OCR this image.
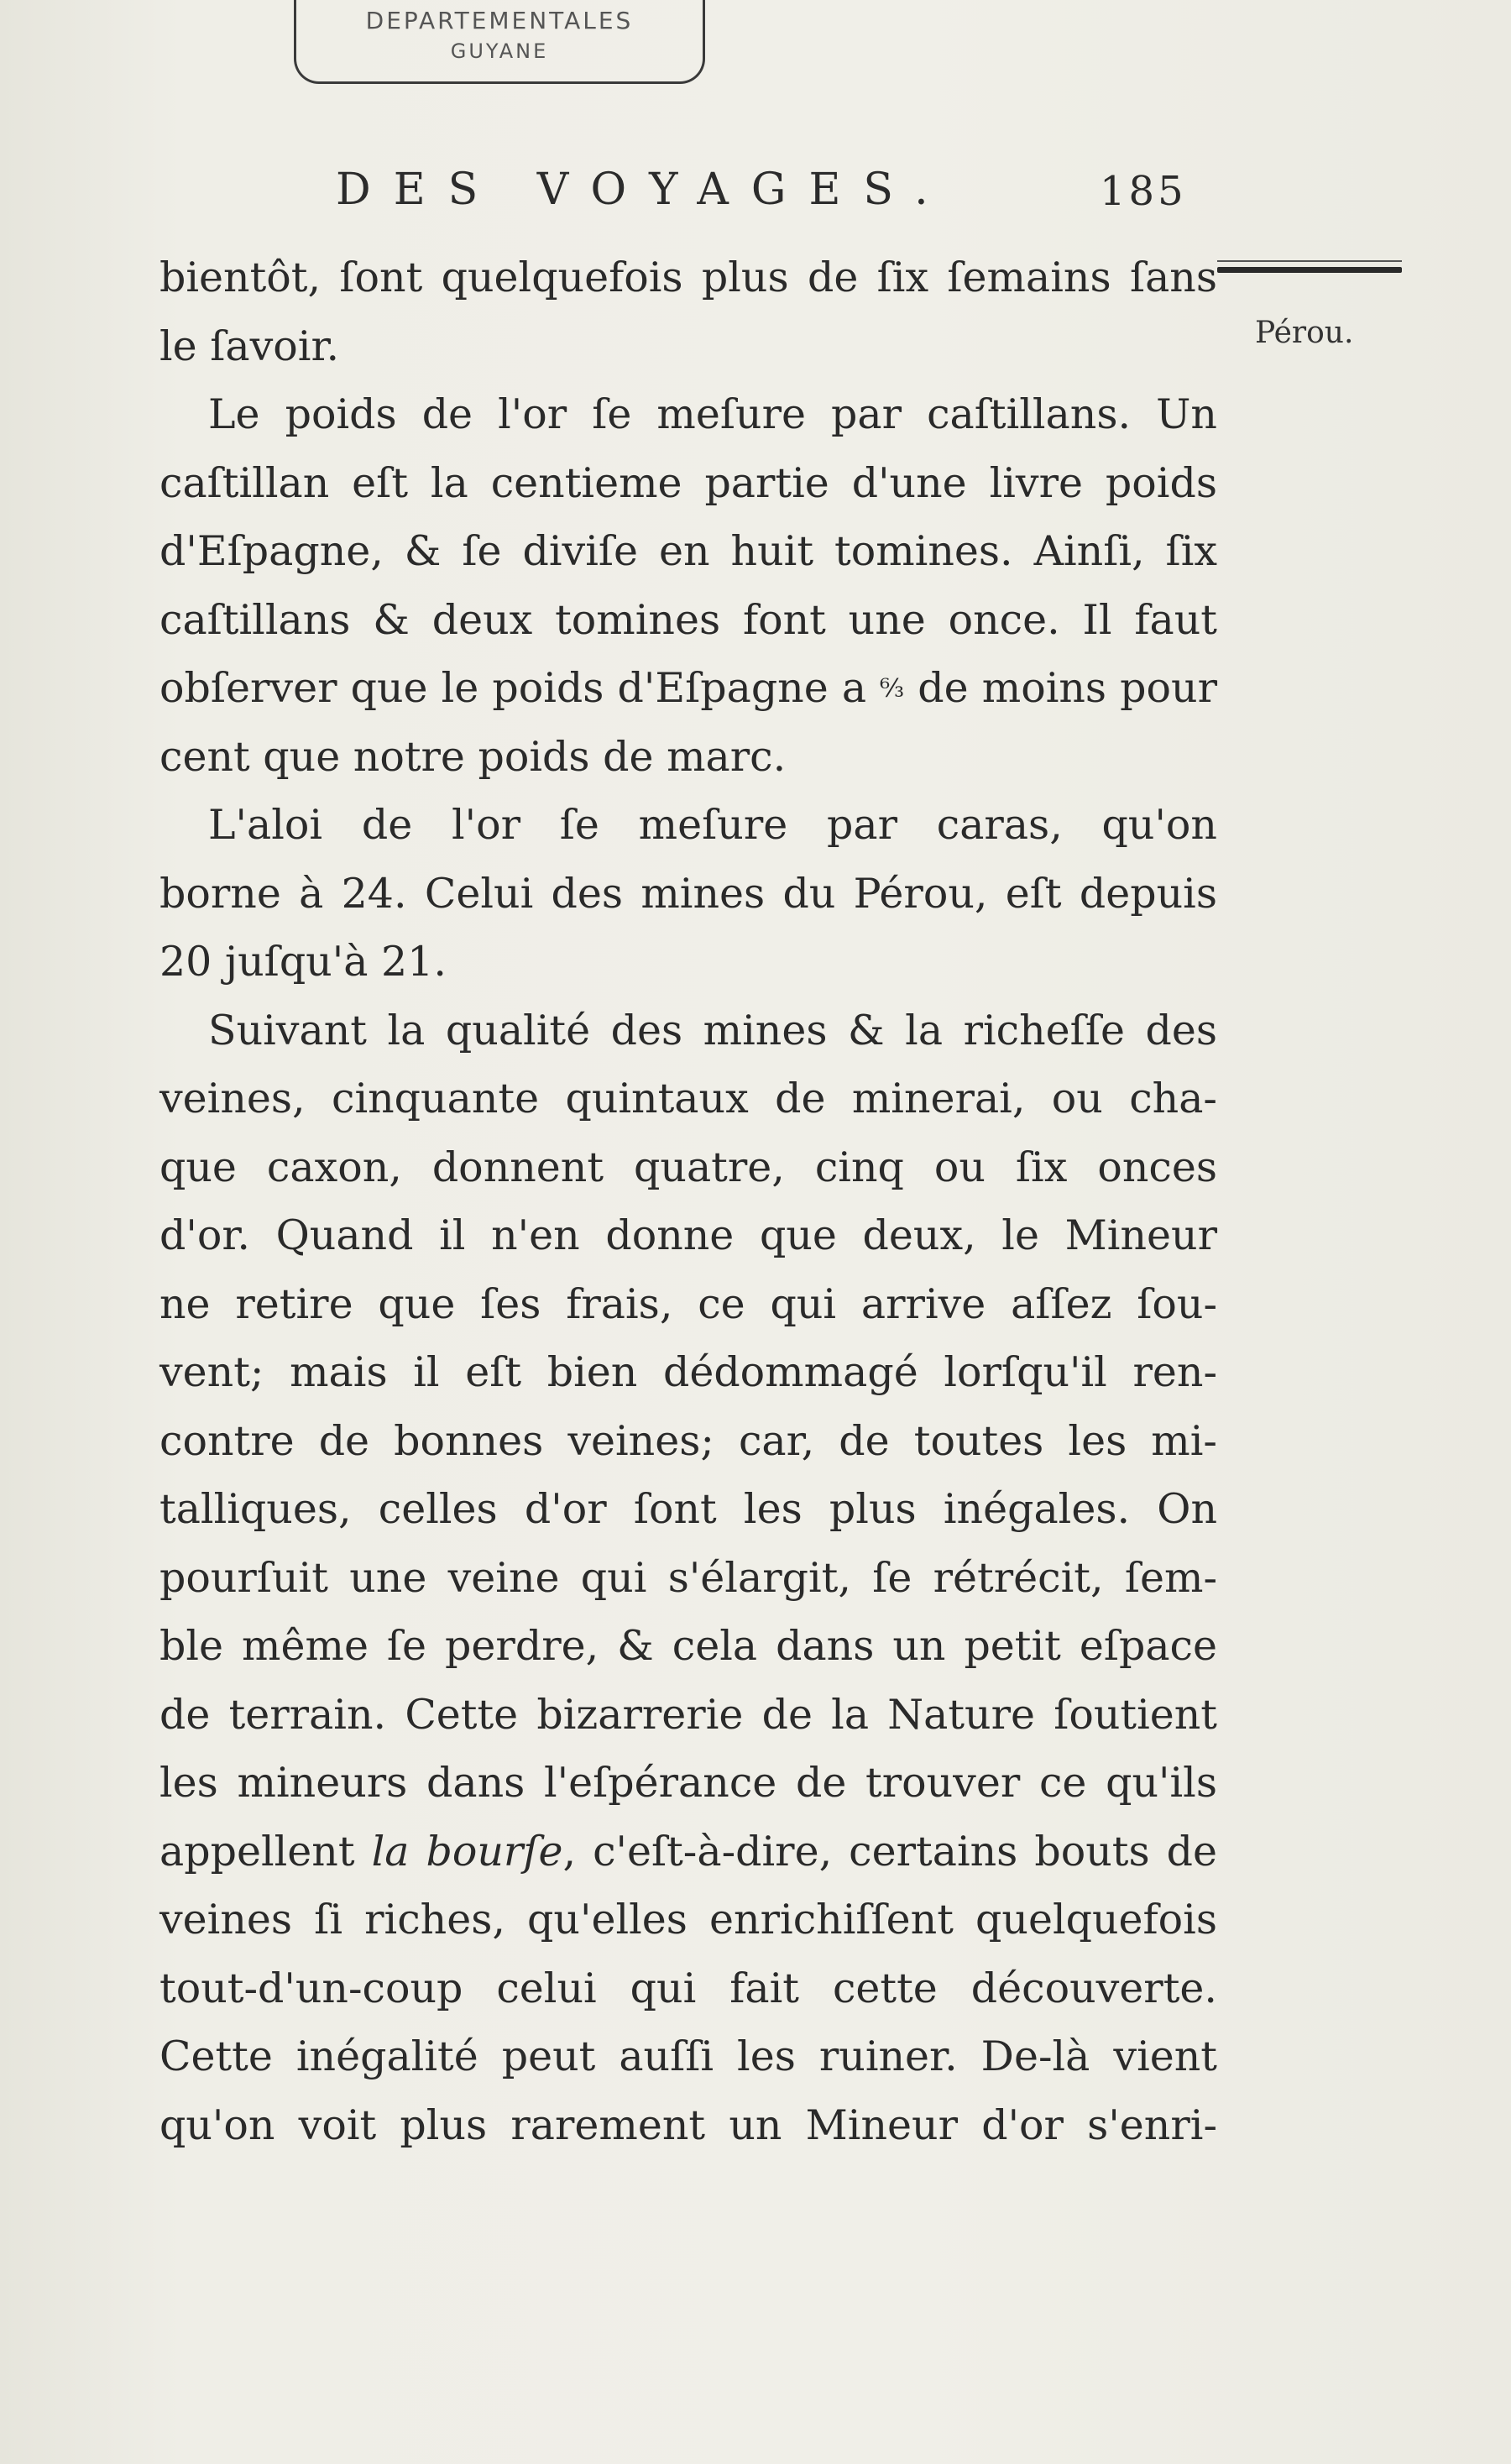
DEPARTEMENTALES
GUYANE
DES VOYAGES.	185
Pérou.
bientôt, ſont quelquefois plus de ſix ſemains ſans
le ſavoir.
Le poids de l'or ſe meſure par caſtillans. Un
caſtillan eſt la centieme partie d'une livre poids
d'Eſpagne, & ſe diviſe en huit tomines. Ainſi, ſix
caſtillans & deux tomines font une once. Il faut
obſerver que le poids d'Eſpagne a ⁶⁄₃ de moins pour
cent que notre poids de marc.
L'aloi de l'or ſe meſure par caras, qu'on
borne à 24. Celui des mines du Pérou, eſt depuis
20 juſqu'à 21.
Suivant la qualité des mines & la richeſſe des
veines, cinquante quintaux de minerai, ou cha-
que caxon, donnent quatre, cinq ou ſix onces
d'or. Quand il n'en donne que deux, le Mineur
ne retire que ſes frais, ce qui arrive aſſez ſou-
vent; mais il eſt bien dédommagé lorſqu'il ren-
contre de bonnes veines; car, de toutes les mi-
talliques, celles d'or ſont les plus inégales. On
pourſuit une veine qui s'élargit, ſe rétrécit, ſem-
ble même ſe perdre, & cela dans un petit eſpace
de terrain. Cette bizarrerie de la Nature ſoutient
les mineurs dans l'eſpérance de trouver ce qu'ils
appellent la bourſe, c'eſt-à-dire, certains bouts de
veines ſi riches, qu'elles enrichiſſent quelquefois
tout-d'un-coup celui qui fait cette découverte.
Cette inégalité peut auſſi les ruiner. De-là vient
qu'on voit plus rarement un Mineur d'or s'enri-
